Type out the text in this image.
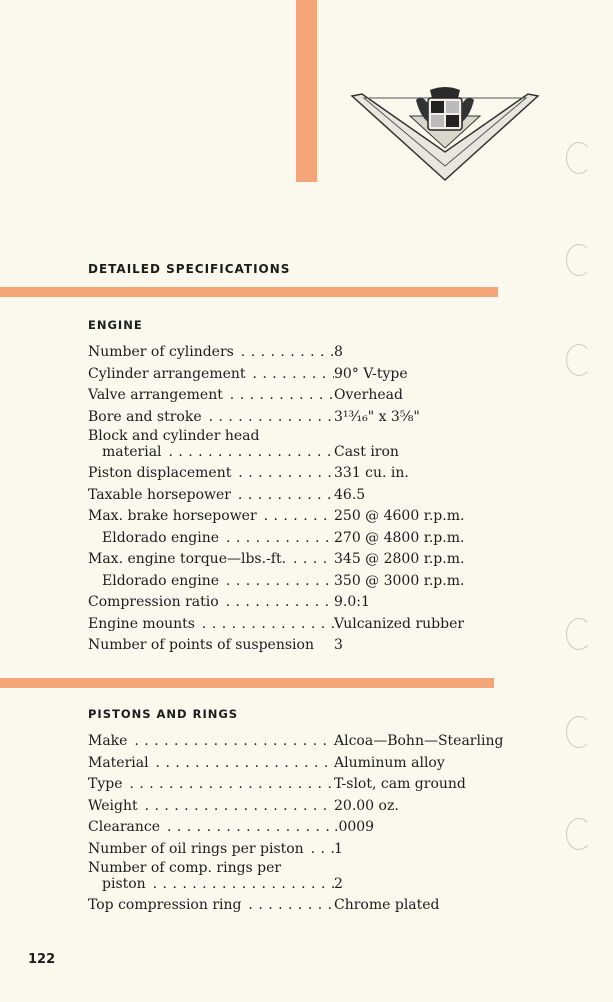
DETAILED SPECIFICATIONS
ENGINE
Number of cylinders . . .	8
Cylinder arrangement . . .	90° V-type
Valve arrangement . . .	Overhead
Bore and stroke . . .	3¹³⁄₁₆" x 3⅝"
Block and cylinder head
material . . .	Cast iron
Piston displacement . . .	331 cu. in.
Taxable horsepower . . .	46.5
Max. brake horsepower . . .	250 @ 4600 r.p.m.
Eldorado engine . . .	270 @ 4800 r.p.m.
Max. engine torque—lbs.-ft. . . .	345 @ 2800 r.p.m.
Eldorado engine . . .	350 @ 3000 r.p.m.
Compression ratio . . .	9.0:1
Engine mounts . . .	Vulcanized rubber
Number of points of suspension	3
PISTONS AND RINGS
Make . . .	Alcoa—Bohn—Stearling
Material . . .	Aluminum alloy
Type . . .	T-slot, cam ground
Weight . . .	20.00 oz.
Clearance . . .	.0009
Number of oil rings per piston . . .	1
Number of comp. rings per
piston . . .	2
Top compression ring . . .	Chrome plated
122
